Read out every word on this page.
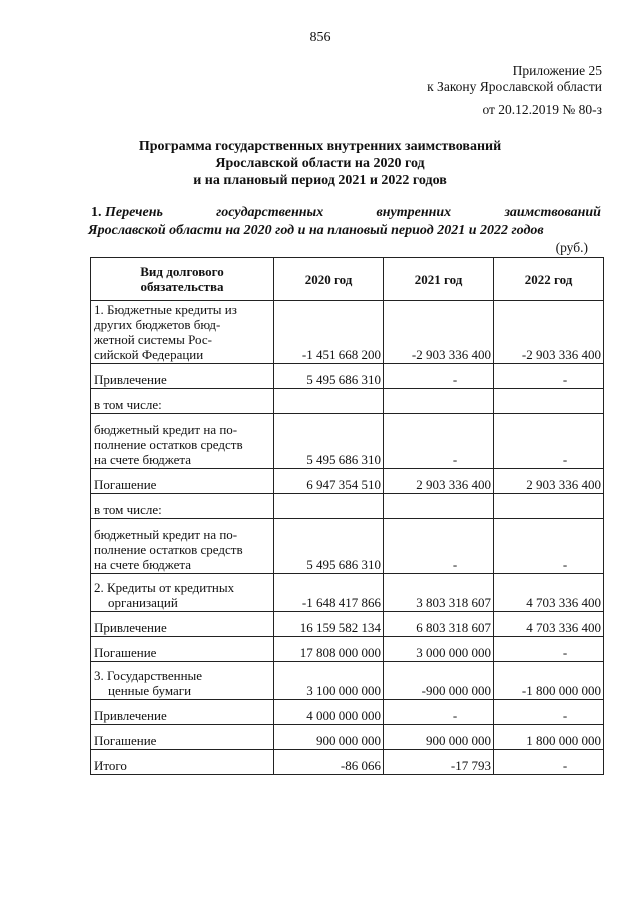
856
Приложение 25
к Закону Ярославской области
от 20.12.2019 № 80-з
Программа государственных внутренних заимствований
Ярославской области на 2020 год
и на плановый период 2021 и 2022 годов
1. Перечень	государственных	внутренних	заимствований
Ярославской области на 2020 год и на плановый период 2021 и 2022 годов
(руб.)
Вид долгового
обязательства	2020 год	2021 год	2022 год

1. Бюджетные кредиты из
других бюджетов бюд-
жетной системы Рос-
сийской Федерации	-1 451 668 200	-2 903 336 400	-2 903 336 400

Привлечение	5 495 686 310	-	-

в том числе:			

бюджетный кредит на по-
полнение остатков средств
на счете бюджета	5 495 686 310	-	-

Погашение	6 947 354 510	2 903 336 400	2 903 336 400

в том числе:			

бюджетный кредит на по-
полнение остатков средств
на счете бюджета	5 495 686 310	-	-

2. Кредиты от кредитных
организаций	-1 648 417 866	3 803 318 607	4 703 336 400

Привлечение	16 159 582 134	6 803 318 607	4 703 336 400

Погашение	17 808 000 000	3 000 000 000	-

3. Государственные
ценные бумаги	3 100 000 000	-900 000 000	-1 800 000 000

Привлечение	4 000 000 000	-	-

Погашение	900 000 000	900 000 000	1 800 000 000

Итого	-86 066	-17 793	-
